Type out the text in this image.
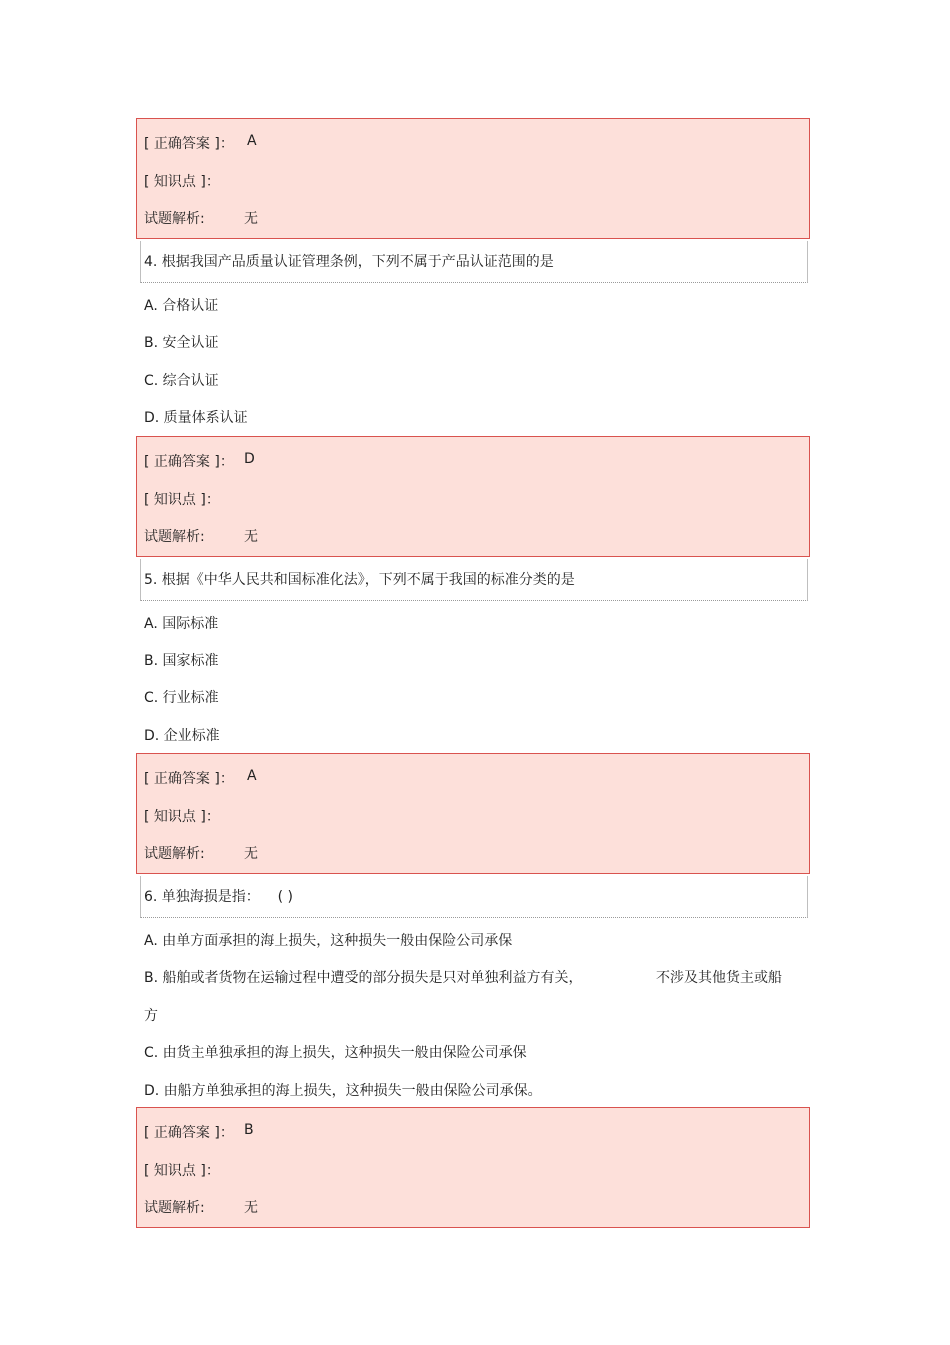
[ 正确答案 ]： A
[ 知识点 ]：
试题解析:	无
4. 根据我国产品质量认证管理条例，下列不属于产品认证范围的是
A. 合格认证
B. 安全认证
C. 综合认证
D. 质量体系认证
[ 正确答案 ]： D
[ 知识点 ]：
试题解析:	无
5. 根据《中华人民共和国标准化法》，下列不属于我国的标准分类的是
A. 国际标准
B. 国家标准
C. 行业标准
D. 企业标准
[ 正确答案 ]： A
[ 知识点 ]：
试题解析:	无
6. 单独海损是指：    ( )
A. 由单方面承担的海上损失，这种损失一般由保险公司承保
B. 船舶或者货物在运输过程中遭受的部分损失是只对单独利益方有关，	不涉及其他货主或船
方
C. 由货主单独承担的海上损失，这种损失一般由保险公司承保
D. 由船方单独承担的海上损失，这种损失一般由保险公司承保。
[ 正确答案 ]： B
[ 知识点 ]：
试题解析:	无
